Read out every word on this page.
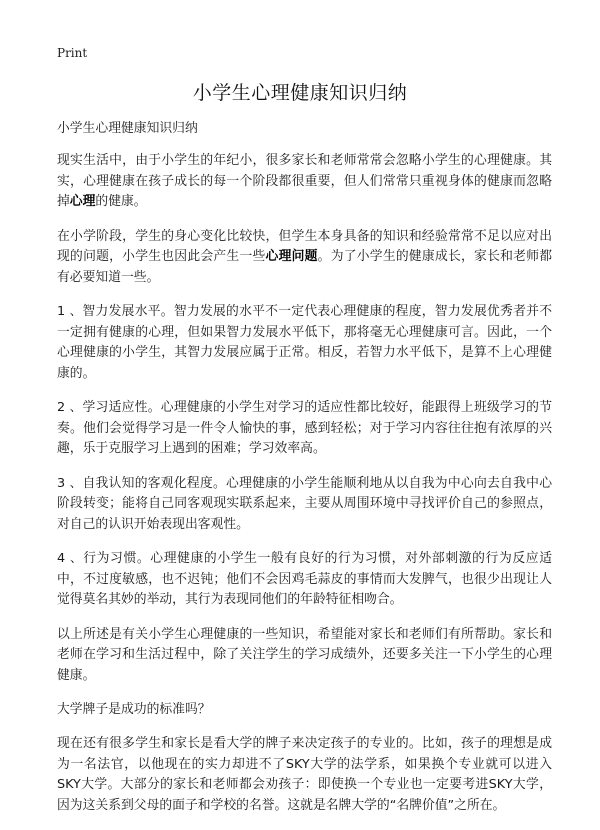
Print
小学生心理健康知识归纳

小学生心理健康知识归纳

现实生活中，由于小学生的年纪小，很多家长和老师常常会忽略小学生的心理健康。其实，心理健康在孩子成长的每一个阶段都很重要，但人们常常只重视身体的健康而忽略掉心理的健康。

在小学阶段，学生的身心变化比较快，但学生本身具备的知识和经验常常不足以应对出现的问题，小学生也因此会产生一些心理问题。为了小学生的健康成长，家长和老师都有必要知道一些。

1 、智力发展水平。智力发展的水平不一定代表心理健康的程度，智力发展优秀者并不一定拥有健康的心理，但如果智力发展水平低下，那将毫无心理健康可言。因此，一个心理健康的小学生，其智力发展应属于正常。相反，若智力水平低下，是算不上心理健康的。

2 、学习适应性。心理健康的小学生对学习的适应性都比较好，能跟得上班级学习的节奏。他们会觉得学习是一件令人愉快的事，感到轻松；对于学习内容往往抱有浓厚的兴趣，乐于克服学习上遇到的困难；学习效率高。

3 、自我认知的客观化程度。心理健康的小学生能顺利地从以自我为中心向去自我中心阶段转变；能将自己同客观现实联系起来，主要从周围环境中寻找评价自己的参照点，对自己的认识开始表现出客观性。

4 、行为习惯。心理健康的小学生一般有良好的行为习惯，对外部刺激的行为反应适中，不过度敏感，也不迟钝；他们不会因鸡毛蒜皮的事情而大发脾气，也很少出现让人觉得莫名其妙的举动，其行为表现同他们的年龄特征相吻合。

以上所述是有关小学生心理健康的一些知识，希望能对家长和老师们有所帮助。家长和老师在学习和生活过程中，除了关注学生的学习成绩外，还要多关注一下小学生的心理健康。

大学牌子是成功的标准吗？

现在还有很多学生和家长是看大学的牌子来决定孩子的专业的。比如，孩子的理想是成为一名法官，以他现在的实力却进不了SKY大学的法学系，如果换个专业就可以进入SKY大学。大部分的家长和老师都会劝孩子：即使换一个专业也一定要考进SKY大学，因为这关系到父母的面子和学校的名誉。这就是名牌大学的“名牌价值”之所在。
